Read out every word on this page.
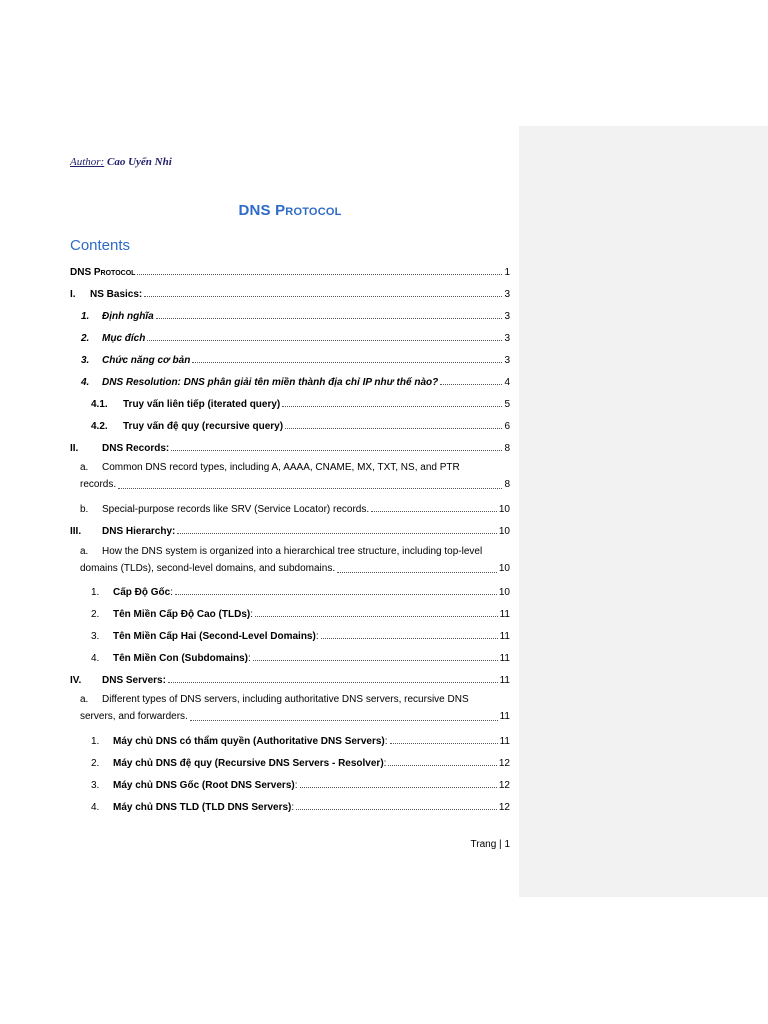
Author: Cao Uyển Nhi
DNS Protocol
Contents
DNS Protocol	1
I.	NS Basics:	3
1.	Định nghĩa	3
2.	Mục đích	3
3.	Chức năng cơ bản	3
4.	DNS Resolution: DNS phân giải tên miền thành địa chỉ IP như thế nào?	4
4.1.	Truy vấn liên tiếp (iterated query)	5
4.2.	Truy vấn đệ quy (recursive query)	6
II.	DNS Records:	8
a. Common DNS record types, including A, AAAA, CNAME, MX, TXT, NS, and PTR
records.	8
b.	Special-purpose records like SRV (Service Locator) records.	10
III.	DNS Hierarchy:	10
a. How the DNS system is organized into a hierarchical tree structure, including top-level
domains (TLDs), second-level domains, and subdomains.	10
1.	Cấp Độ Gốc :	10
2.	Tên Miền Cấp Độ Cao (TLDs) :	11
3.	Tên Miền Cấp Hai (Second-Level Domains) :	11
4.	Tên Miền Con (Subdomains) :	11
IV.	DNS Servers:	11
a. Different types of DNS servers, including authoritative DNS servers, recursive DNS
servers, and forwarders.	11
1.	Máy chủ DNS có thẩm quyền (Authoritative DNS Servers) :	11
2.	Máy chủ DNS đệ quy (Recursive DNS Servers - Resolver) :	12
3.	Máy chủ DNS Gốc (Root DNS Servers) :	12
4.	Máy chủ DNS TLD (TLD DNS Servers) :	12
Trang | 1
